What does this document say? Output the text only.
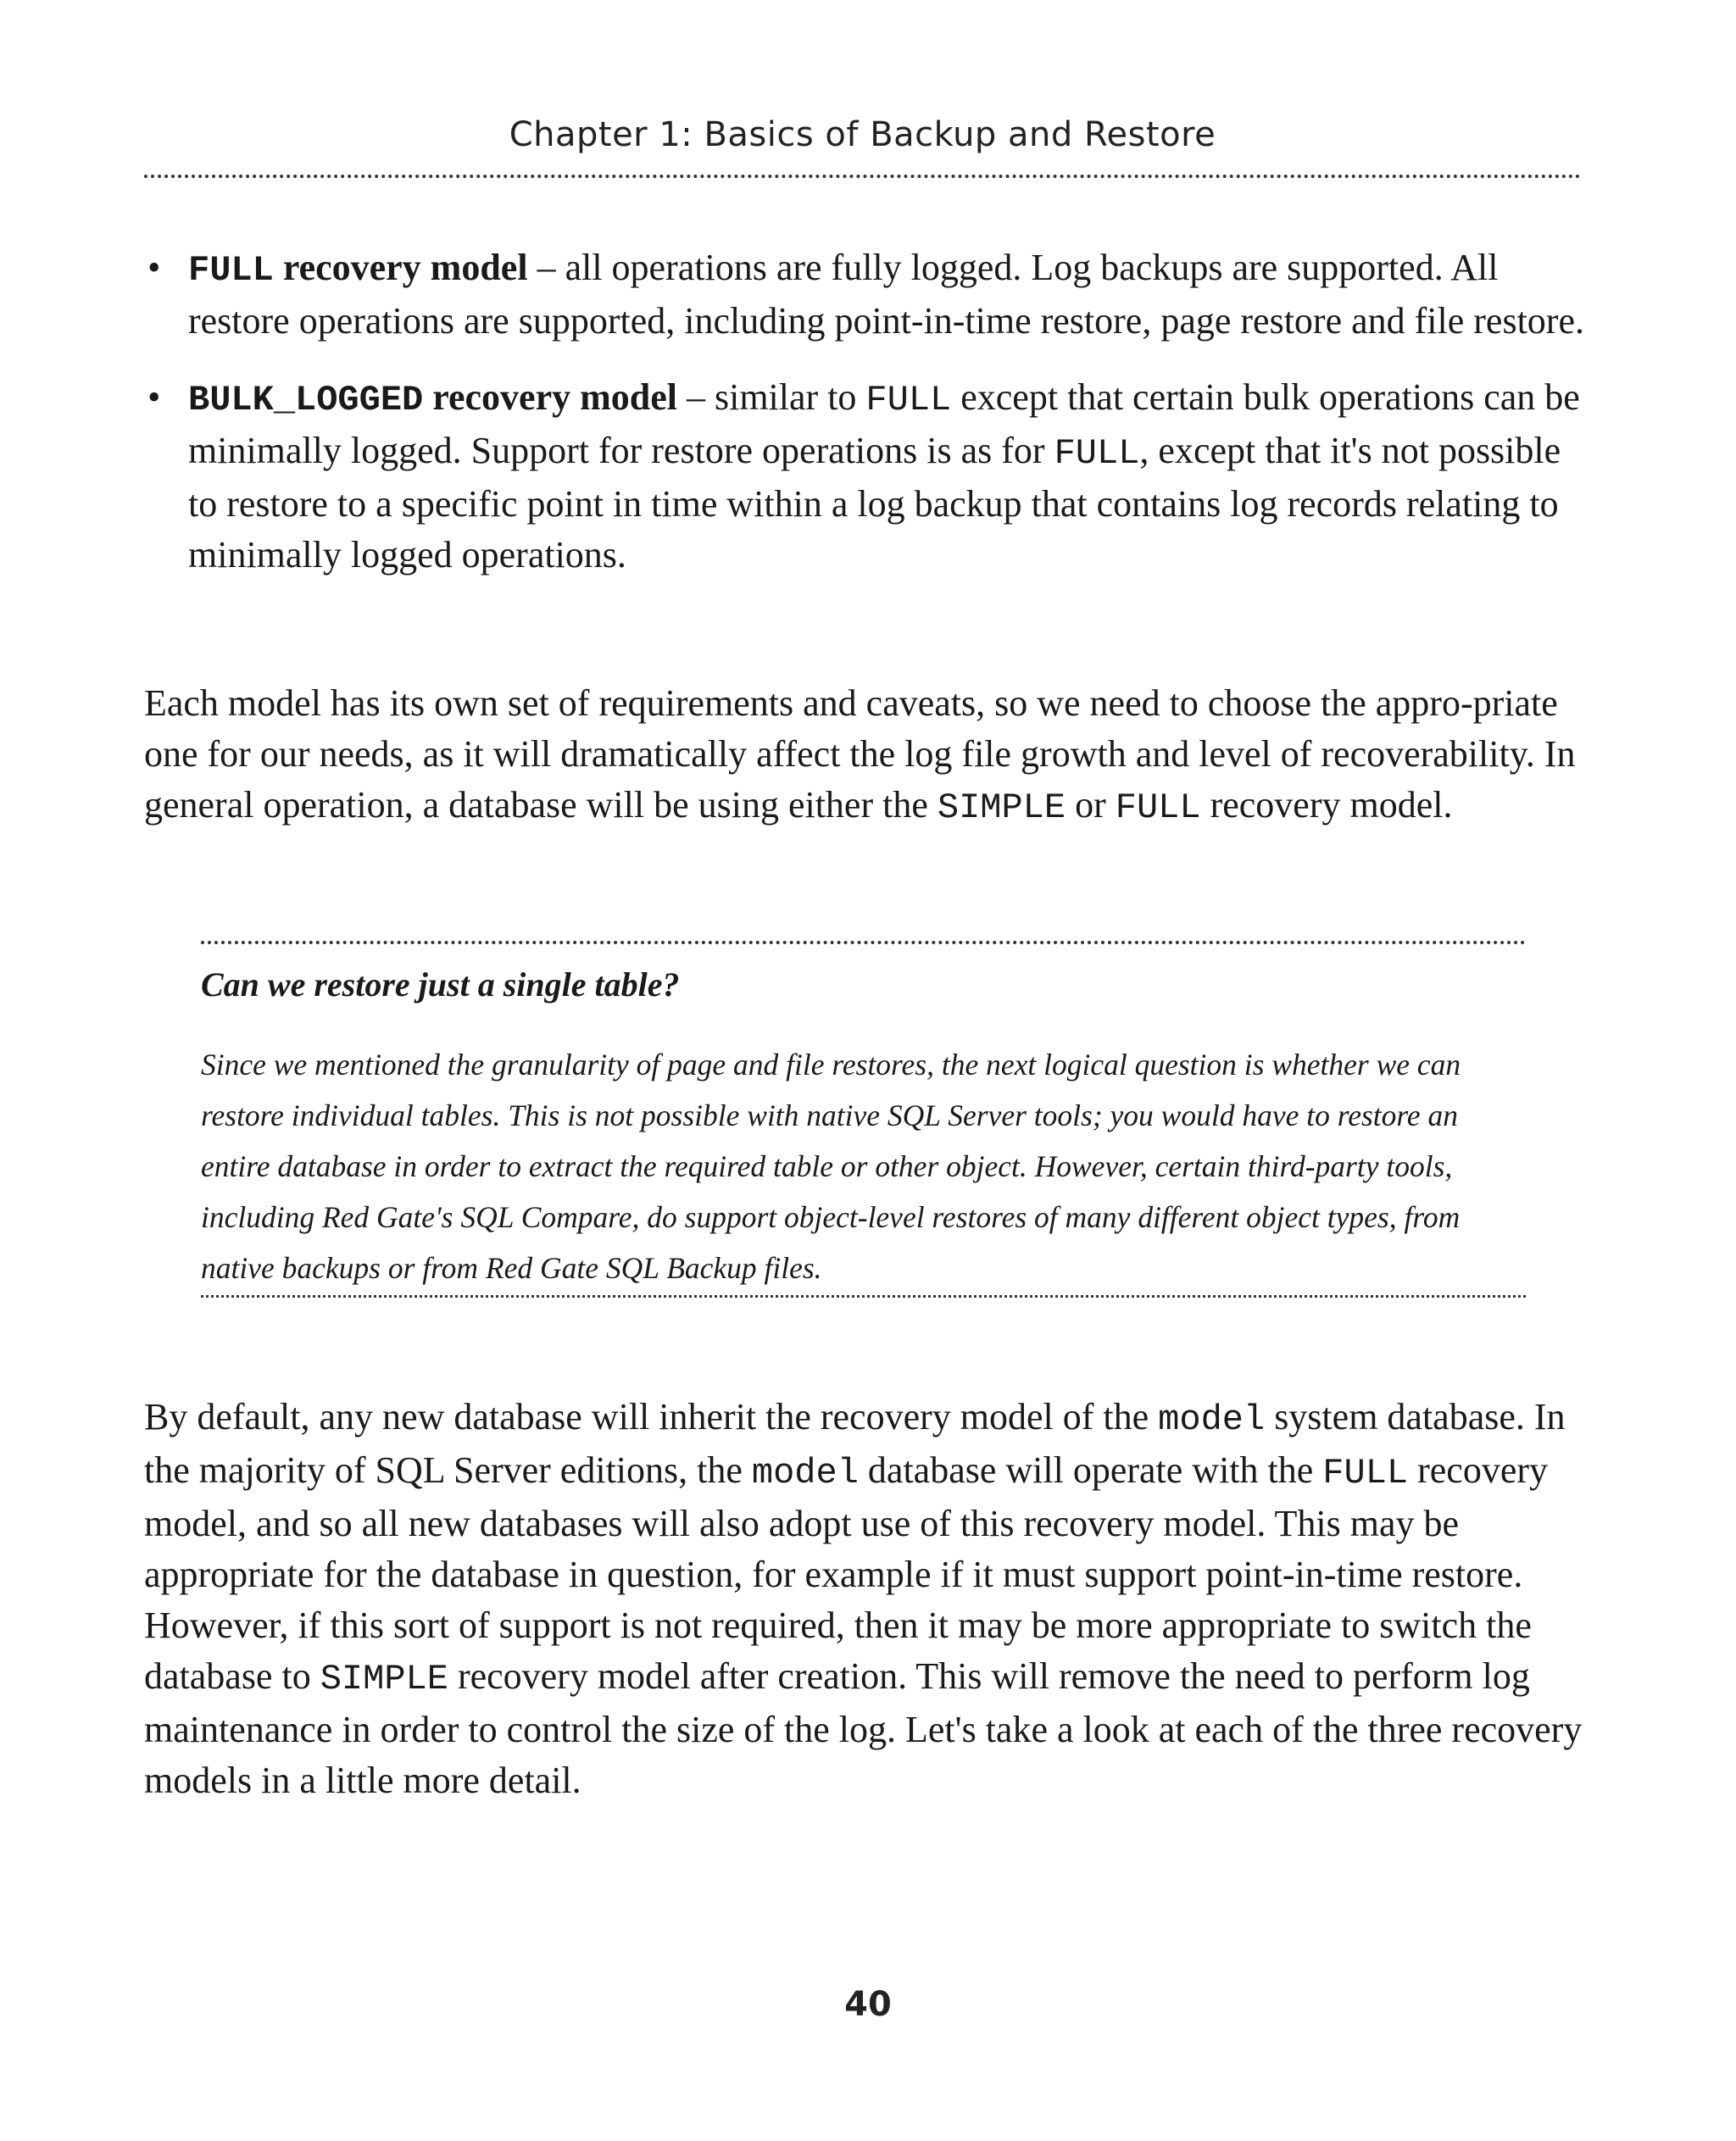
Chapter 1: Basics of Backup and Restore
• FULL recovery model – all operations are fully logged. Log backups are supported. All restore operations are supported, including point-in-time restore, page restore and file restore.
• BULK_LOGGED recovery model – similar to FULL except that certain bulk operations can be minimally logged. Support for restore operations is as for FULL, except that it's not possible to restore to a specific point in time within a log backup that contains log records relating to minimally logged operations.

Each model has its own set of requirements and caveats, so we need to choose the appro-priate one for our needs, as it will dramatically affect the log file growth and level of recoverability. In general operation, a database will be using either the SIMPLE or FULL recovery model.

Can we restore just a single table?

Since we mentioned the granularity of page and file restores, the next logical question is whether we can restore individual tables. This is not possible with native SQL Server tools; you would have to restore an entire database in order to extract the required table or other object. However, certain third-party tools, including Red Gate's SQL Compare, do support object-level restores of many different object types, from native backups or from Red Gate SQL Backup files.

By default, any new database will inherit the recovery model of the model system database. In the majority of SQL Server editions, the model database will operate with the FULL recovery model, and so all new databases will also adopt use of this recovery model. This may be appropriate for the database in question, for example if it must support point-in-time restore. However, if this sort of support is not required, then it may be more appropriate to switch the database to SIMPLE recovery model after creation. This will remove the need to perform log maintenance in order to control the size of the log. Let's take a look at each of the three recovery models in a little more detail.

40
